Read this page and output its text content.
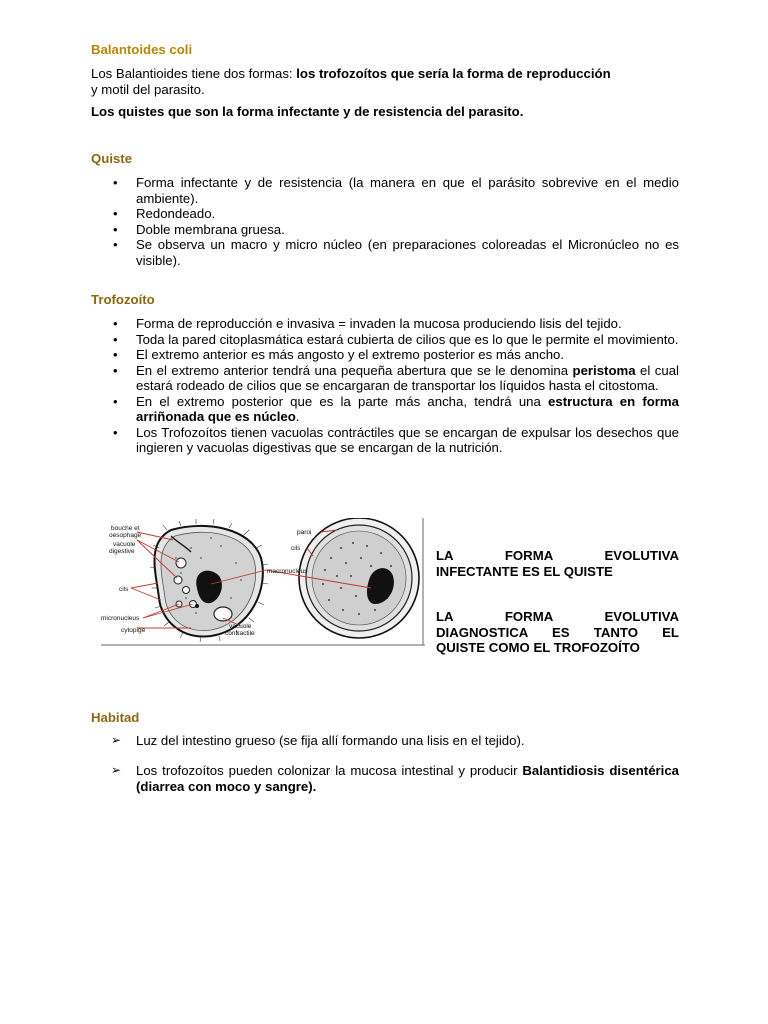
Balantoides coli
Los Balantioides tiene dos formas: los trofozoítos que sería la forma de reproducción
y motil del parasito.
Los quistes que son la forma infectante y de resistencia del parasito.
Quiste
• Forma infectante y de resistencia (la manera en que el parásito sobrevive en el medio ambiente).
• Redondeado.
• Doble membrana gruesa.
• Se observa un macro y micro núcleo (en preparaciones coloreadas el Micronúcleo no es visible).
Trofozoíto
• Forma de reproducción e invasiva = invaden la mucosa produciendo lisis del tejido.
• Toda la pared citoplasmática estará cubierta de cilios que es lo que le permite el movimiento.
• El extremo anterior es más angosto y el extremo posterior es más ancho.
• En el extremo anterior tendrá una pequeña abertura que se le denomina peristoma el cual estará rodeado de cilios que se encargaran de transportar los líquidos hasta el citostoma.
• En el extremo posterior que es la parte más ancha, tendrá una estructura en forma arriñonada que es núcleo.
• Los Trofozoítos tienen vacuolas contráctiles que se encargan de expulsar los desechos que ingieren y vacuolas digestivas que se encargan de la nutrición.
bouche et
oesophage
vacuole
digestive
cils
micronucleus
cytopige
macronucleus
vacuole
contractile
paroi
cils	LA FORMA EVOLUTIVA
INFECTANTE ES EL QUISTE
LA FORMA EVOLUTIVA
DIAGNOSTICA ES TANTO EL
QUISTE COMO EL TROFOZOÍTO
Habitad
➢ Luz del intestino grueso (se fija allí formando una lisis en el tejido).
➢ Los trofozoítos pueden colonizar la mucosa intestinal y producir Balantidiosis disentérica (diarrea con moco y sangre).
